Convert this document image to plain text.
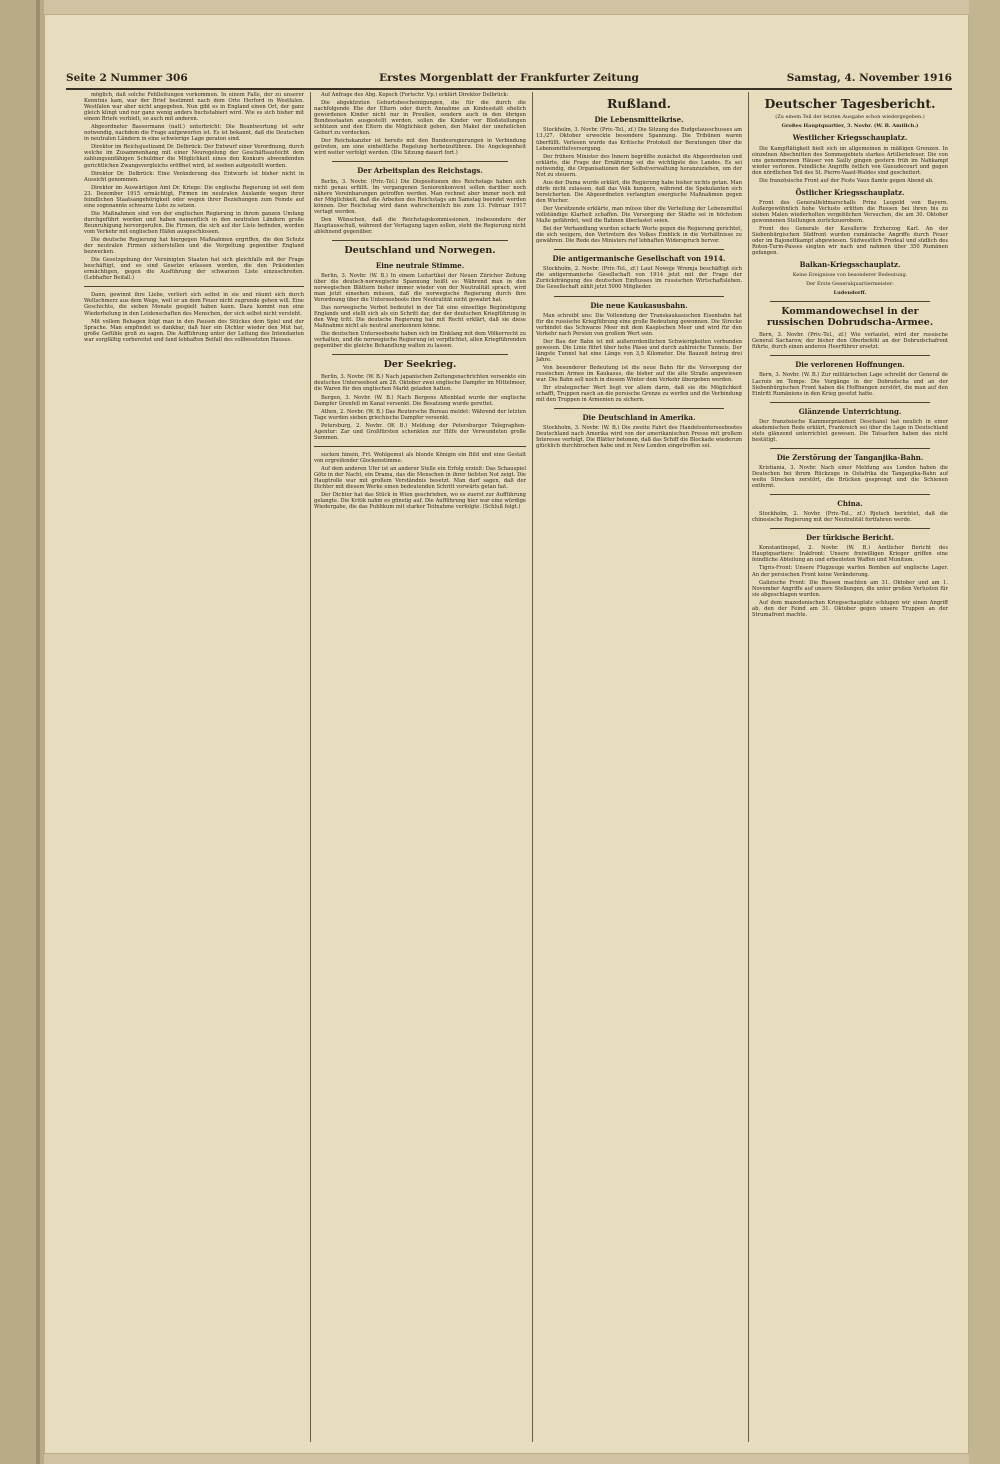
Seite 2 Nummer 306	Erstes Morgenblatt der Frankfurter Zeitung	Samstag, 4. November 1916

möglich, daß solche Fehlleitungen vorkommen. In einem Falle, der zu unserer Kenntnis kam, war der Brief bestimmt nach dem Orte Herford in Westfalen. Westfalen war aber nicht angegeben. Nun gibt es in England einen Ort, der ganz gleich klingt und nur ganz wenig anders buchstabiert wird. Wie es sich bisher mit einem Briefe verhielt, so auch mit anderen.

Abgeordneter Bassermann (natl.) unterbricht: Die Beantwortung ist sehr notwendig, nachdem die Frage aufgeworfen ist. Es ist bekannt, daß die Deutschen in neutralen Ländern in eine schwierige Lage geraten sind.

Direktor im Reichsjustizamt Dr. Delbrück: Der Entwurf einer Verordnung, durch welche im Zusammenhang mit einer Neuregelung der Geschäftsaufsicht dem zahlungsunfähigen Schuldner die Möglichkeit eines den Konkurs abwendenden gerichtlichen Zwangsvergleichs eröffnet wird, ist soeben aufgestellt worden.

Direktor Dr. Delbrück: Eine Veränderung des Entwurfs ist bisher nicht in Aussicht genommen.

Direktor im Auswärtigen Amt Dr. Kriege: Die englische Regierung ist seit dem 23. Dezember 1915 ermächtigt, Firmen im neutralen Auslande wegen ihrer feindlichen Staatsangehörigkeit oder wegen ihrer Beziehungen zum Feinde auf eine sogenannte schwarze Liste zu setzen.

Die Maßnahmen sind von der englischen Regierung in ihrem ganzen Umfang durchgeführt worden und haben namentlich in den neutralen Ländern große Beunruhigung hervorgerufen. Die Firmen, die sich auf der Liste befinden, werden vom Verkehr mit englischen Häfen ausgeschlossen.

Die deutsche Regierung hat hiergegen Maßnahmen ergriffen, die den Schutz der neutralen Firmen sicherstellen und die Vergeltung gegenüber England bezwecken.

Die Gesetzgebung der Vereinigten Staaten hat sich gleichfalls mit der Frage beschäftigt, und es sind Gesetze erlassen worden, die den Präsidenten ermächtigen, gegen die Ausführung der schwarzen Liste einzuschreiten. (Lebhafter Beifall.)

Dann, gewinnt ihre Liebe, verliert sich selbst in sie und räumt sich durch Weltschmerz aus dem Wege, weil er an dem Feuer nicht zugrunde gehen will. Eine Geschichte, die sieben Monate gespielt haben kann. Dazu kommt nun eine Wiederholung in den Leidenschaften des Menschen, der sich selbst nicht versteht.

Mit vollem Behagen folgt man in den Pausen des Stückes dem Spiel und der Sprache. Man empfindet es dankbar, daß hier ein Dichter wieder den Mut hat, große Gefühle groß zu sagen. Die Aufführung unter der Leitung des Intendanten war sorgfältig vorbereitet und fand lebhaften Beifall des vollbesetzten Hauses.

Auf Anfrage des Abg. Kopsch (Fortschr. Vp.) erklärt Direktor Delbrück:

Die abgekürzten Geburtsbescheinigungen, die für die durch die nachfolgende Ehe der Eltern oder durch Annahme an Kindesstatt ehelich gewordenen Kinder nicht nur in Preußen, sondern auch in den übrigen Bundesstaaten ausgestellt werden, sollen die Kinder vor Bloßstellungen schützen und den Eltern die Möglichkeit geben, den Makel der unehelichen Geburt zu verdecken.

Der Reichskanzler ist bereits mit den Bundesregierungen in Verbindung getreten, um eine einheitliche Regelung herbeizuführen. Die Angelegenheit wird weiter verfolgt werden. (Die Sitzung dauert fort.)

Der Arbeitsplan des Reichstags.

Berlin, 3. Novbr. (Priv.-Tel.) Die Dispositionen des Reichstags haben sich nicht genau erfüllt. Im vergangenen Seniorenkonvent sollen darüber noch nähere Vereinbarungen getroffen werden. Man rechnet aber immer noch mit der Möglichkeit, daß die Arbeiten des Reichstags am Samstag beendet werden können. Der Reichstag wird dann wahrscheinlich bis zum 13. Februar 1917 vertagt werden.

Den Wünschen, daß die Reichstagskommissionen, insbesondere der Hauptausschuß, während der Vertagung tagen sollen, steht die Regierung nicht ablehnend gegenüber.

Deutschland und Norwegen.
Eine neutrale Stimme.

Berlin, 3. Novbr. (W. B.) In einem Leitartikel der Neuen Züricher Zeitung über die deutsch-norwegische Spannung heißt es: Während man in den norwegischen Blättern bisher immer wieder von der Neutralität sprach, wird man jetzt einsehen müssen, daß die norwegische Regierung durch ihre Verordnung über die Unterseeboote ihre Neutralität nicht gewahrt hat.

Das norwegische Verbot bedeutet in der Tat eine einseitige Begünstigung Englands und stellt sich als ein Schritt dar, der der deutschen Kriegführung in den Weg tritt. Die deutsche Regierung hat mit Recht erklärt, daß sie diese Maßnahme nicht als neutral anerkennen könne.

Die deutschen Unterseeboote haben sich im Einklang mit dem Völkerrecht zu verhalten, und die norwegische Regierung ist verpflichtet, allen Kriegführenden gegenüber die gleiche Behandlung walten zu lassen.

Der Seekrieg.

Berlin, 3. Novbr. (W. B.) Nach japanischen Zeitungsnachrichten versenkte ein deutsches Unterseeboot am 28. Oktober zwei englische Dampfer im Mittelmeer, die Waren für den englischen Markt geladen hatten.

Bergen, 3. Novbr. (W. B.) Nach Bergens Aftenblad wurde der englische Dampfer Grenfell im Kanal versenkt. Die Besatzung wurde gerettet.

Athen, 2. Novbr. (W. B.) Das Reutersche Bureau meldet: Während der letzten Tage wurden sieben griechische Dampfer versenkt.

Petersburg, 2. Novbr. (W. B.) Meldung der Petersburger Telegraphen-Agentur: Zar und Großfürsten schenkten zur Hilfe der Verwundeten große Summen.

sucken hinein, Frl. Wohlgemut als blonde Königin ein Bild und eine Gestalt von ergreifender Glockenstimme.

Auf dem anderen Ufer ist an anderer Stelle ein Erfolg erzielt: Das Schauspiel Götz in der Nacht, ein Drama, das die Menschen in ihrer tiefsten Not zeigt. Die Hauptrolle war mit großem Verständnis besetzt. Man darf sagen, daß der Dichter mit diesem Werke einen bedeutenden Schritt vorwärts getan hat.

Der Dichter hat das Stück in Wien geschrieben, wo es zuerst zur Aufführung gelangte. Die Kritik nahm es günstig auf. Die Aufführung hier war eine würdige Wiedergabe, die das Publikum mit starker Teilnahme verfolgte. (Schluß folgt.)

Rußland.
Die Lebensmittelkrise.

Stockholm, 3. Novbr. (Priv.-Tel., zf.) Die Sitzung des Budgetausschusses am 13./27. Oktober erweckte besondere Spannung. Die Tribünen waren überfüllt. Verlesen wurde das Kritische Protokoll der Beratungen über die Lebensmittelversorgung.

Der frühere Minister des Innern begrüßte zunächst die Abgeordneten und erklärte, die Frage der Ernährung sei die wichtigste des Landes. Es sei notwendig, die Organisationen der Selbstverwaltung heranzuziehen, um der Not zu steuern.

Aus der Duma wurde erklärt, die Regierung habe bisher nichts getan. Man dürfe nicht zulassen, daß das Volk hungere, während die Spekulanten sich bereicherten. Die Abgeordneten verlangten energische Maßnahmen gegen den Wucher.

Der Vorsitzende erklärte, man müsse über die Verteilung der Lebensmittel vollständige Klarheit schaffen. Die Versorgung der Städte sei in höchstem Maße gefährdet, weil die Bahnen überlastet seien.

Bei der Verhandlung wurden scharfe Worte gegen die Regierung gerichtet, die sich weigere, den Vertretern des Volkes Einblick in die Verhältnisse zu gewähren. Die Rede des Ministers rief lebhaften Widerspruch hervor.

Die antigermanische Gesellschaft von 1914.

Stockholm, 2. Novbr. (Priv.-Tel., zf.) Laut Nowoje Wremja beschäftigt sich die antigermanische Gesellschaft von 1914 jetzt mit der Frage der Zurückdrängung des deutschen Einflusses im russischen Wirtschaftsleben. Die Gesellschaft zählt jetzt 5000 Mitglieder.

Die neue Kaukasusbahn.

Man schreibt uns: Die Vollendung der Transkaukasischen Eisenbahn hat für die russische Kriegführung eine große Bedeutung gewonnen. Die Strecke verbindet das Schwarze Meer mit dem Kaspischen Meer und wird für den Verkehr nach Persien von großem Wert sein.

Der Bau der Bahn ist mit außerordentlichen Schwierigkeiten verbunden gewesen. Die Linie führt über hohe Pässe und durch zahlreiche Tunnels. Der längste Tunnel hat eine Länge von 3,5 Kilometer. Die Bauzeit betrug drei Jahre.

Von besonderer Bedeutung ist die neue Bahn für die Versorgung der russischen Armee im Kaukasus, die bisher auf die alte Straße angewiesen war. Die Bahn soll noch in diesem Winter dem Verkehr übergeben werden.

Ihr strategischer Wert liegt vor allem darin, daß sie die Möglichkeit schafft, Truppen rasch an die persische Grenze zu werfen und die Verbindung mit den Truppen in Armenien zu sichern.

Die Deutschland in Amerika.

Stockholm, 3. Novbr. (W. B.) Die zweite Fahrt des Handelsunterseebootes Deutschland nach Amerika wird von der amerikanischen Presse mit großem Interesse verfolgt. Die Blätter betonen, daß das Schiff die Blockade wiederum glücklich durchbrochen habe und in New London eingetroffen sei.

Deutscher Tagesbericht.
(Zu einem Teil der letzten Ausgabe schon wiedergegeben.)
Großes Hauptquartier, 3. Novbr. (W. B. Amtlich.)
Westlicher Kriegsschauplatz.

Die Kampftätigkeit hielt sich im allgemeinen in mäßigen Grenzen. In einzelnen Abschnitten des Sommegebiets starkes Artilleriefeuer. Die von uns genommenen Häuser von Sailly gingen gestern früh im Nahkampf wieder verloren. Feindliche Angriffe östlich von Gueudecourt und gegen den nördlichen Teil des St. Pierre-Vaast-Waldes sind gescheitert.

Die französische Front auf der Feste Vaux flamte gegen Abend ab.

Östlicher Kriegsschauplatz.

Front des Generalfeldmarschalls Prinz Leopold von Bayern. Außergewöhnlich hohe Verluste erlitten die Russen bei ihren bis zu sieben Malen wiederholten vergeblichen Versuchen, die am 30. Oktober gewonnenen Stellungen zurückzuerobern.

Front des Generals der Kavallerie Erzherzog Karl. An der Siebenbürgischen Südfront wurden rumänische Angriffe durch Feuer oder im Bajonettkampf abgewiesen. Südwestlich Predeal und südlich des Roten-Turm-Passes siegten wir nach und nahmen über 350 Rumänen gefangen.

Balkan-Kriegsschauplatz.
Keine Ereignisse von besonderer Bedeutung.
Der Erste Generalquartiermeister:
Ludendorff.
Kommandowechsel in der russischen Dobrudscha-Armee.

Bern, 3. Novbr. (Priv.-Tel., zf.) Wie verlautet, wird der russische General Sacharow, der bisher den Oberbefehl an der Dobrudschafront führte, durch einen anderen Heerführer ersetzt.

Die verlorenen Hoffnungen.

Bern, 3. Novbr. (W. B.) Zur militärischen Lage schreibt der General de Lacroix im Temps: Die Vorgänge in der Dobrudscha und an der Siebenbürgischen Front haben die Hoffnungen zerstört, die man auf den Eintritt Rumäniens in den Krieg gesetzt hatte.

Glänzende Unterrichtung.

Der französische Kammerpräsident Deschanel hat neulich in einer akademischen Rede erklärt, Frankreich sei über die Lage in Deutschland stets glänzend unterrichtet gewesen. Die Tatsachen haben das nicht bestätigt.

Die Zerstörung der Tanganjika-Bahn.

Kristiania, 3. Novbr. Nach einer Meldung aus London haben die Deutschen bei ihrem Rückzuge in Ostafrika die Tanganjika-Bahn auf weite Strecken zerstört, die Brücken gesprengt und die Schienen entfernt.

China.

Stockholm, 2. Novbr. (Priv.-Tel., zf.) Rjetsch berichtet, daß die chinesische Regierung mit der Neutralität fortfahren werde.

Der türkische Bericht.

Konstantinopel, 2. Novbr. (W. B.) Amtlicher Bericht des Hauptquartiers: Irakfront: Unsere freiwilligen Krieger griffen eine feindliche Abteilung an und erbeuteten Waffen und Munition.

Tigris-Front: Unsere Flugzeuge warfen Bomben auf englische Lager. An der persischen Front keine Veränderung.

Galizische Front: Die Russen machten am 31. Oktober und am 1. November Angriffe auf unsere Stellungen, die unter großen Verlusten für sie abgeschlagen wurden.

Auf dem mazedonischen Kriegsschauplatz schlugen wir einen Angriff ab, den der Feind am 31. Oktober gegen unsere Truppen an der Strumafront machte.
